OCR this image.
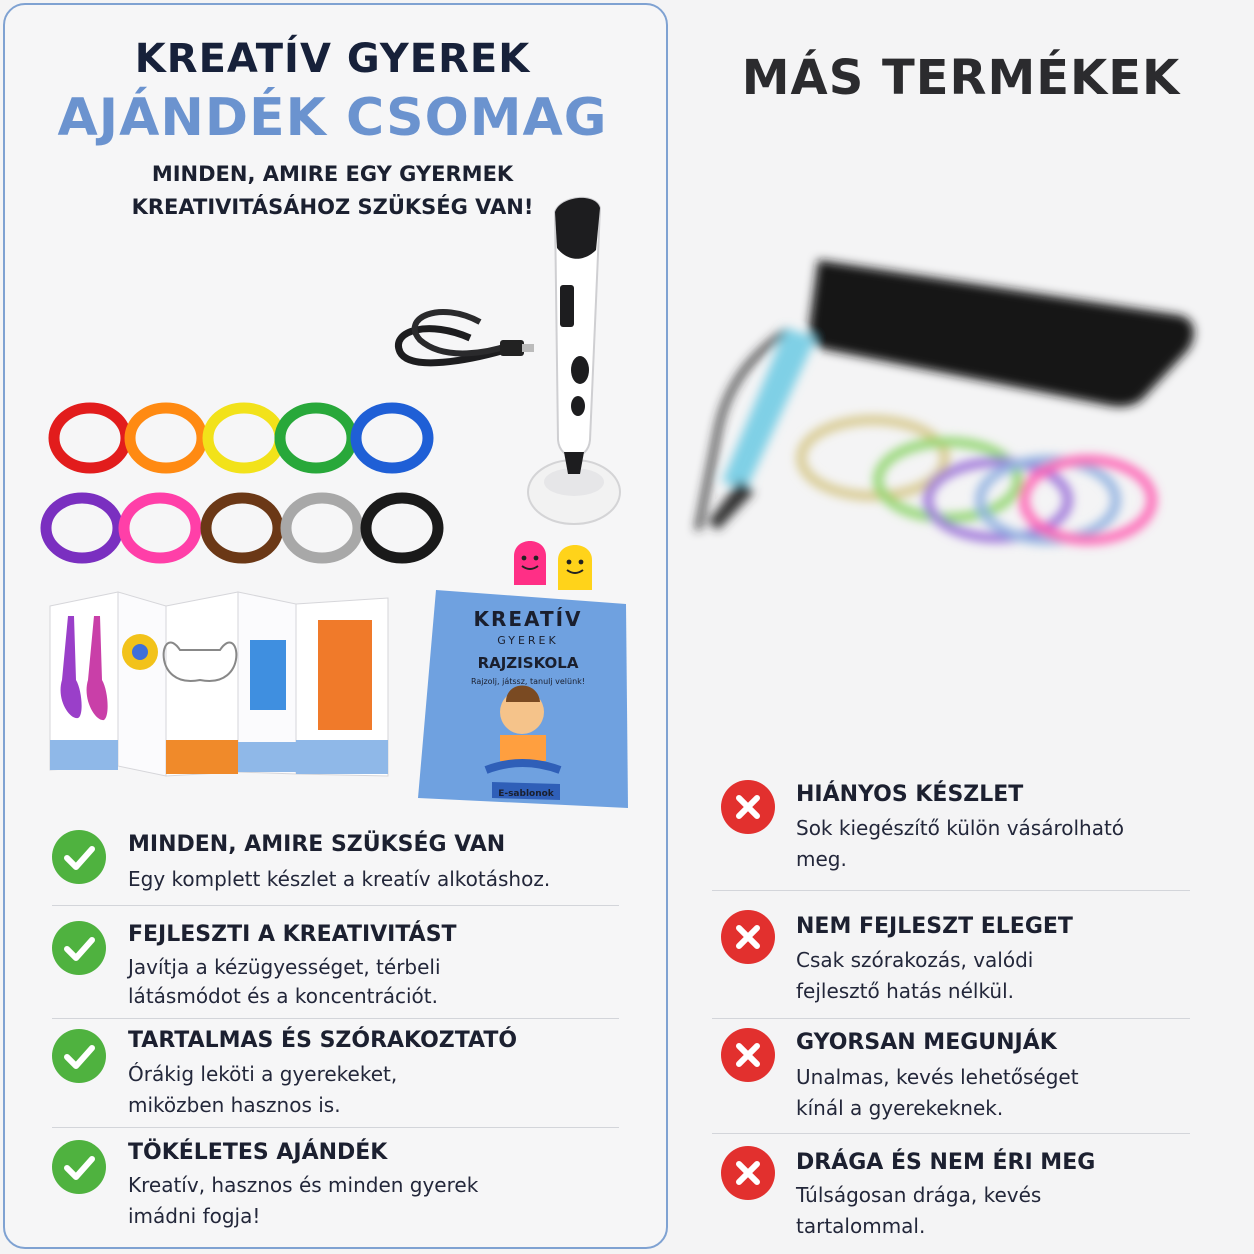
KREATÍV GYEREK
AJÁNDÉK CSOMAG
MINDEN, AMIRE EGY GYERMEK
KREATIVITÁSÁHOZ SZÜKSÉG VAN!
KREATÍV
GYEREK
RAJZISKOLA
Rajzolj, játssz, tanulj velünk!
E-sablonok
MÁS TERMÉKEK
MINDEN, AMIRE SZÜKSÉG VAN
Egy komplett készlet a kreatív alkotáshoz.
FEJLESZTI A KREATIVITÁST
Javítja a kézügyességet, térbeli
látásmódot és a koncentrációt.
TARTALMAS ÉS SZÓRAKOZTATÓ
Órákig leköti a gyerekeket,
miközben hasznos is.
TÖKÉLETES AJÁNDÉK
Kreatív, hasznos és minden gyerek
imádni fogja!
HIÁNYOS KÉSZLET
Sok kiegészítő külön vásárolható
meg.
NEM FEJLESZT ELEGET
Csak szórakozás, valódi
fejlesztő hatás nélkül.
GYORSAN MEGUNJÁK
Unalmas, kevés lehetőséget
kínál a gyerekeknek.
DRÁGA ÉS NEM ÉRI MEG
Túlságosan drága, kevés
tartalommal.
